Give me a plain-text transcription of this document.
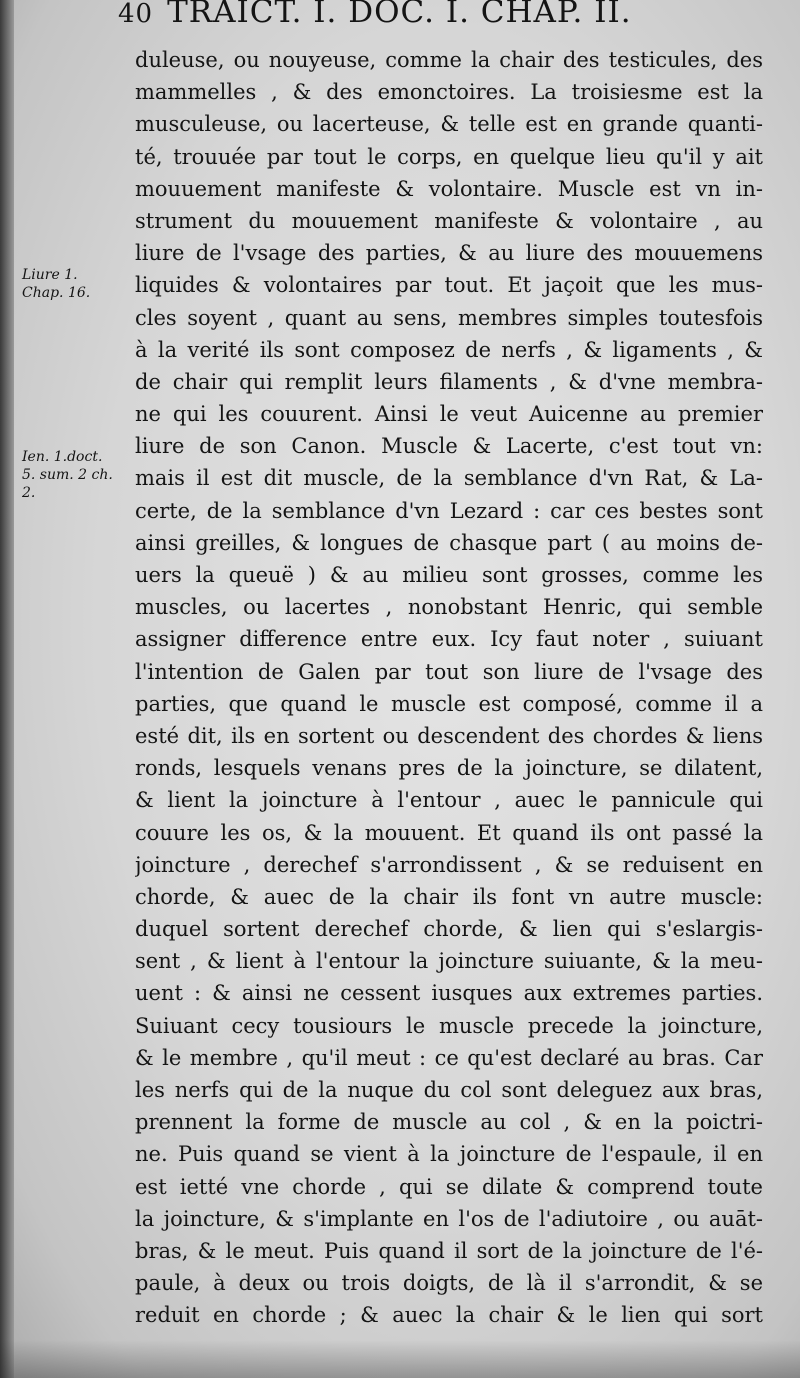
40 TRAICT. I. DOC. I. CHAP. II.
Liure 1.
Chap. 16.
Ien. 1.doct.
5. sum. 2 ch.
2.
duleuse, ou nouyeuse, comme la chair des testicules, des
mammelles , & des emonctoires. La troisiesme est la
musculeuse, ou lacerteuse, & telle est en grande quanti-
té, trouuée par tout le corps, en quelque lieu qu'il y ait
mouuement manifeste & volontaire. Muscle est vn in-
strument du mouuement manifeste & volontaire , au
liure de l'vsage des parties, & au liure des mouuemens
liquides & volontaires par tout. Et jaçoit que les mus-
cles soyent , quant au sens, membres simples toutesfois
à la verité ils sont composez de nerfs , & ligaments , &
de chair qui remplit leurs filaments , & d'vne membra-
ne qui les couurent. Ainsi le veut Auicenne au premier
liure de son Canon. Muscle & Lacerte, c'est tout vn:
mais il est dit muscle, de la semblance d'vn Rat, & La-
certe, de la semblance d'vn Lezard : car ces bestes sont
ainsi greilles, & longues de chasque part ( au moins de-
uers la queuë ) & au milieu sont grosses, comme les
muscles, ou lacertes , nonobstant Henric, qui semble
assigner difference entre eux. Icy faut noter , suiuant
l'intention de Galen par tout son liure de l'vsage des
parties, que quand le muscle est composé, comme il a
esté dit, ils en sortent ou descendent des chordes & liens
ronds, lesquels venans pres de la joincture, se dilatent,
& lient la joincture à l'entour , auec le pannicule qui
couure les os, & la mouuent. Et quand ils ont passé la
joincture , derechef s'arrondissent , & se reduisent en
chorde, & auec de la chair ils font vn autre muscle:
duquel sortent derechef chorde, & lien qui s'eslargis-
sent , & lient à l'entour la joincture suiuante, & la meu-
uent : & ainsi ne cessent iusques aux extremes parties.
Suiuant cecy tousiours le muscle precede la joincture,
& le membre , qu'il meut : ce qu'est declaré au bras. Car
les nerfs qui de la nuque du col sont deleguez aux bras,
prennent la forme de muscle au col , & en la poictri-
ne. Puis quand se vient à la joincture de l'espaule, il en
est ietté vne chorde , qui se dilate & comprend toute
la joincture, & s'implante en l'os de l'adiutoire , ou auāt-
bras, & le meut. Puis quand il sort de la joincture de l'é-
paule, à deux ou trois doigts, de là il s'arrondit, & se
reduit en chorde ; & auec la chair & le lien qui sort
